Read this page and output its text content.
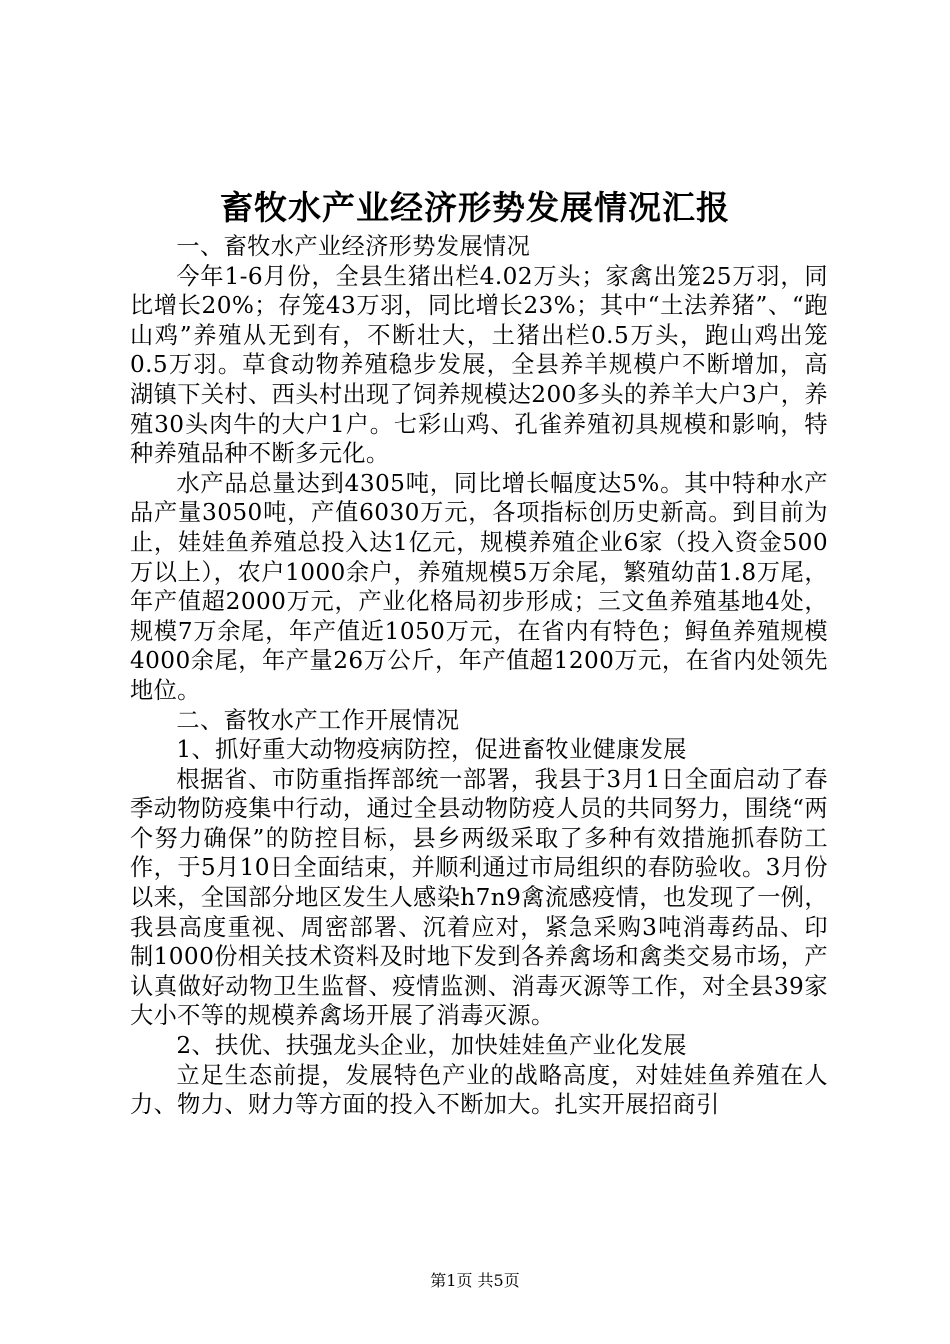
畜牧水产业经济形势发展情况汇报

一、畜牧水产业经济形势发展情况

今年1-6月份，全县生猪出栏4.02万头；家禽出笼25万羽，同比增长20%；存笼43万羽，同比增长23%；其中“土法养猪”、“跑山鸡”养殖从无到有，不断壮大，土猪出栏0.5万头，跑山鸡出笼0.5万羽。草食动物养殖稳步发展，全县养羊规模户不断增加，高湖镇下关村、西头村出现了饲养规模达200多头的养羊大户3户，养殖30头肉牛的大户1户。七彩山鸡、孔雀养殖初具规模和影响，特种养殖品种不断多元化。

水产品总量达到4305吨，同比增长幅度达5%。其中特种水产品产量3050吨，产值6030万元，各项指标创历史新高。到目前为止，娃娃鱼养殖总投入达1亿元，规模养殖企业6家（投入资金500万以上），农户1000余户，养殖规模5万余尾，繁殖幼苗1.8万尾，年产值超2000万元，产业化格局初步形成；三文鱼养殖基地4处，规模7万余尾，年产值近1050万元，在省内有特色；鲟鱼养殖规模4000余尾，年产量26万公斤，年产值超1200万元，在省内处领先地位。

二、畜牧水产工作开展情况

1、抓好重大动物疫病防控，促进畜牧业健康发展

根据省、市防重指挥部统一部署，我县于3月1日全面启动了春季动物防疫集中行动，通过全县动物防疫人员的共同努力，围绕“两个努力确保”的防控目标，县乡两级采取了多种有效措施抓春防工作，于5月10日全面结束，并顺利通过市局组织的春防验收。3月份以来，全国部分地区发生人感染h7n9禽流感疫情，也发现了一例，我县高度重视、周密部署、沉着应对，紧急采购3吨消毒药品、印制1000份相关技术资料及时地下发到各养禽场和禽类交易市场，产认真做好动物卫生监督、疫情监测、消毒灭源等工作，对全县39家大小不等的规模养禽场开展了消毒灭源。

2、扶优、扶强龙头企业，加快娃娃鱼产业化发展

立足生态前提，发展特色产业的战略高度，对娃娃鱼养殖在人力、物力、财力等方面的投入不断加大。扎实开展招商引

第1页 共5页
